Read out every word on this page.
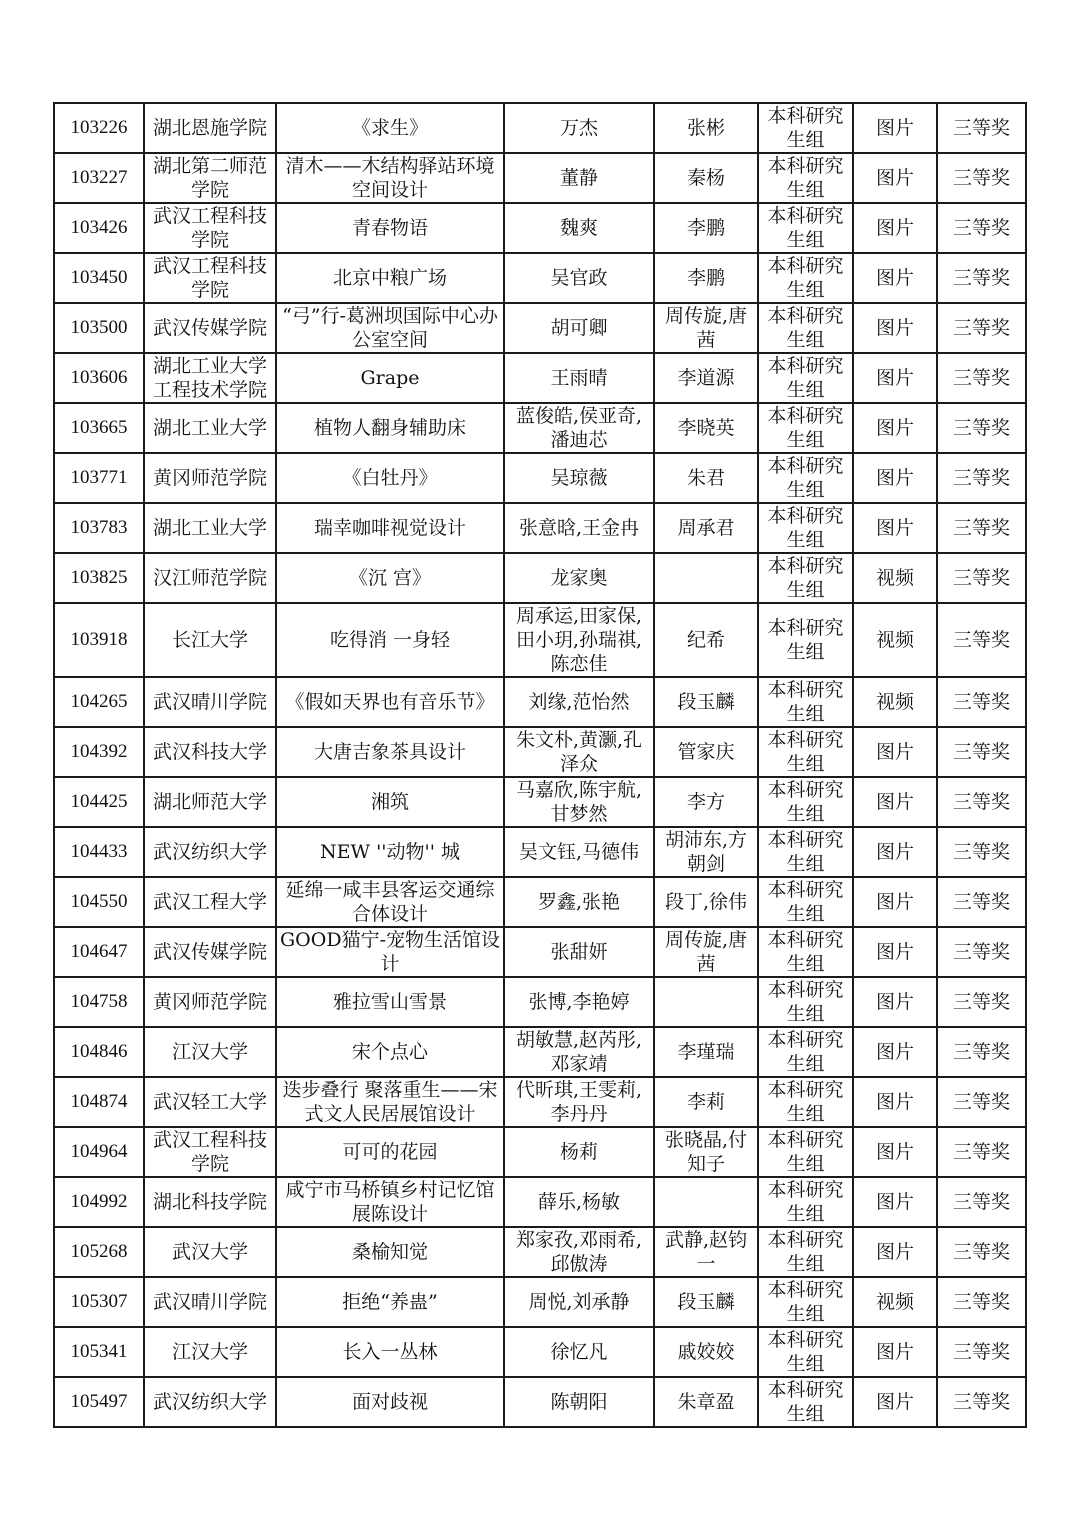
103226	湖北恩施学院	《求生》	万杰	张彬	本科研究生组	图片	三等奖
103227	湖北第二师范学院	清木——木结构驿站环境空间设计	董静	秦杨	本科研究生组	图片	三等奖
103426	武汉工程科技学院	青春物语	魏爽	李鹏	本科研究生组	图片	三等奖
103450	武汉工程科技学院	北京中粮广场	吴官政	李鹏	本科研究生组	图片	三等奖
103500	武汉传媒学院	“弓”行-葛洲坝国际中心办公室空间	胡可卿	周传旋,唐茜	本科研究生组	图片	三等奖
103606	湖北工业大学工程技术学院	Grape	王雨晴	李道源	本科研究生组	图片	三等奖
103665	湖北工业大学	植物人翻身辅助床	蓝俊皓,侯亚奇,潘迪芯	李晓英	本科研究生组	图片	三等奖
103771	黄冈师范学院	《白牡丹》	吴琼薇	朱君	本科研究生组	图片	三等奖
103783	湖北工业大学	瑞幸咖啡视觉设计	张意晗,王金冉	周承君	本科研究生组	图片	三等奖
103825	汉江师范学院	《沉 宫》	龙家奥		本科研究生组	视频	三等奖
103918	长江大学	吃得消 一身轻	周承运,田家保,田小玥,孙瑞祺,陈恋佳	纪希	本科研究生组	视频	三等奖
104265	武汉晴川学院	《假如天界也有音乐节》	刘缘,范怡然	段玉麟	本科研究生组	视频	三等奖
104392	武汉科技大学	大唐吉象茶具设计	朱文朴,黄灏,孔泽众	管家庆	本科研究生组	图片	三等奖
104425	湖北师范大学	湘筑	马嘉欣,陈宇航,甘梦然	李方	本科研究生组	图片	三等奖
104433	武汉纺织大学	NEW ''动物'' 城	吴文钰,马德伟	胡沛东,方朝剑	本科研究生组	图片	三等奖
104550	武汉工程大学	延绵一咸丰县客运交通综合体设计	罗鑫,张艳	段丁,徐伟	本科研究生组	图片	三等奖
104647	武汉传媒学院	GOOD猫宁-宠物生活馆设计	张甜妍	周传旋,唐茜	本科研究生组	图片	三等奖
104758	黄冈师范学院	雅拉雪山雪景	张博,李艳婷		本科研究生组	图片	三等奖
104846	江汉大学	宋个点心	胡敏慧,赵芮彤,邓家靖	李瑾瑞	本科研究生组	图片	三等奖
104874	武汉轻工大学	迭步叠行 聚落重生——宋式文人民居展馆设计	代昕琪,王雯莉,李丹丹	李莉	本科研究生组	图片	三等奖
104964	武汉工程科技学院	可可的花园	杨莉	张晓晶,付知子	本科研究生组	图片	三等奖
104992	湖北科技学院	咸宁市马桥镇乡村记忆馆展陈设计	薛乐,杨敏		本科研究生组	图片	三等奖
105268	武汉大学	桑榆知觉	郑家孜,邓雨希,邱傲涛	武静,赵钧一	本科研究生组	图片	三等奖
105307	武汉晴川学院	拒绝“养蛊”	周悦,刘承静	段玉麟	本科研究生组	视频	三等奖
105341	江汉大学	长入一丛林	徐忆凡	戚姣姣	本科研究生组	图片	三等奖
105497	武汉纺织大学	面对歧视	陈朝阳	朱章盈	本科研究生组	图片	三等奖
